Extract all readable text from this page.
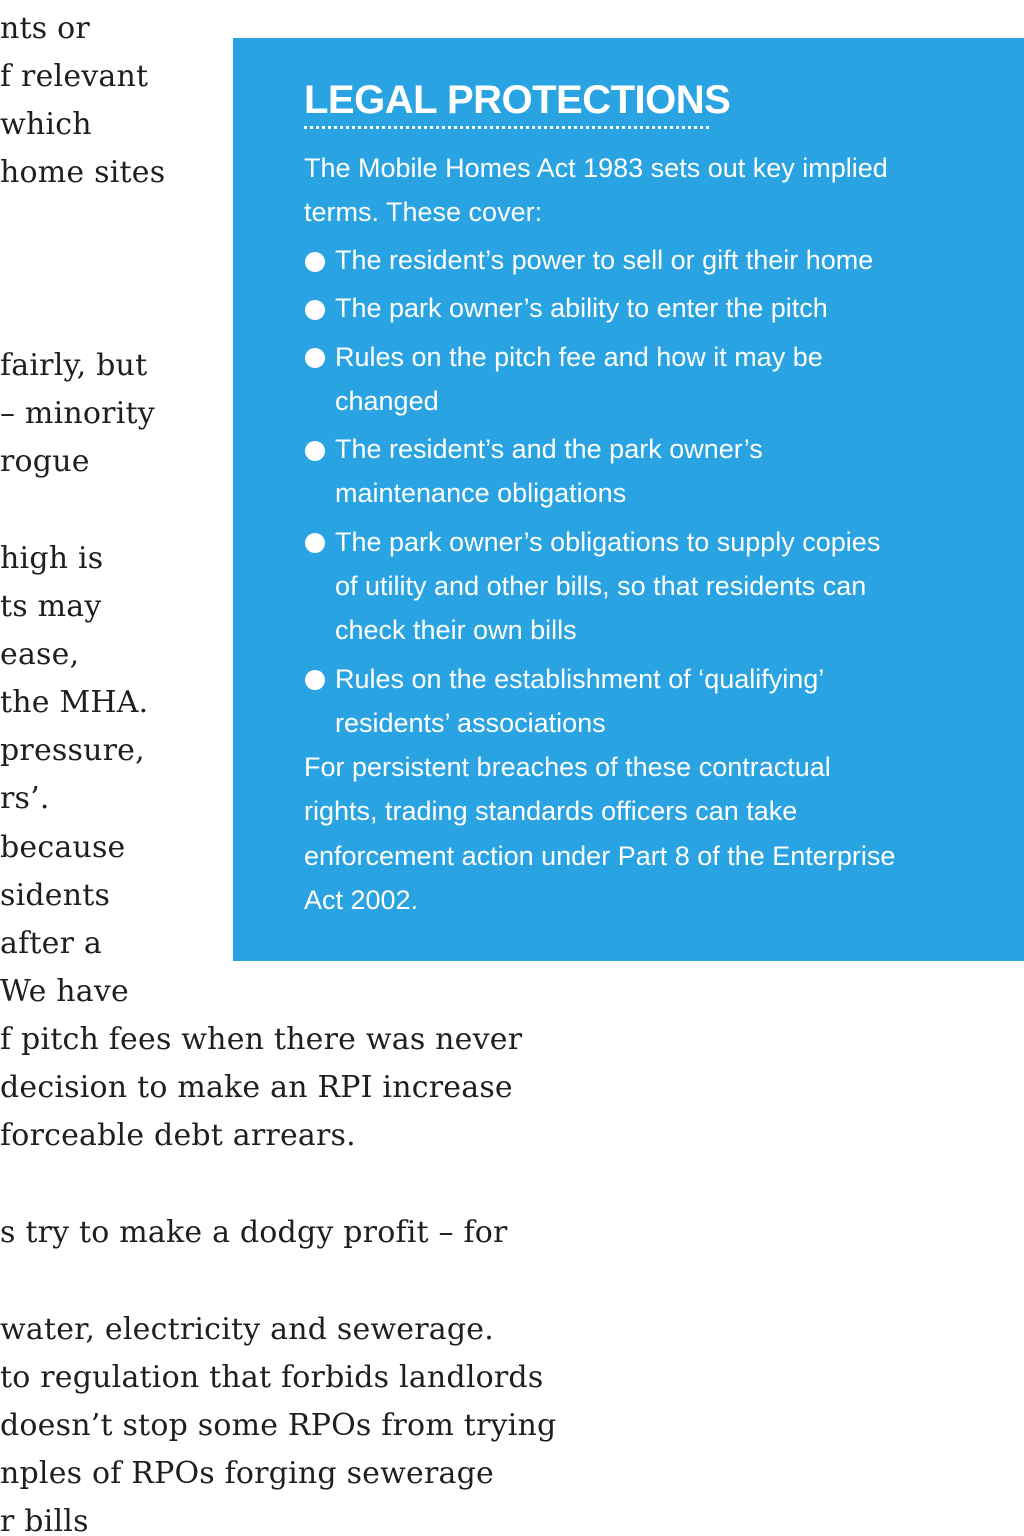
nts or
f relevant
which
home sites
fairly, but
– minority
rogue
high is
ts may
ease,
the MHA.
pressure,
rs’.
because
sidents
after a
We have
f pitch fees when there was never
decision to make an RPI increase
forceable debt arrears.
s try to make a dodgy profit – for
water, electricity and sewerage.
to regulation that forbids landlords
doesn’t stop some RPOs from trying
nples of RPOs forging sewerage
r bills
LEGAL PROTECTIONS
The Mobile Homes Act 1983 sets out key implied
terms. These cover:
The resident’s power to sell or gift their home
The park owner’s ability to enter the pitch
Rules on the pitch fee and how it may be
changed
The resident’s and the park owner’s
maintenance obligations
The park owner’s obligations to supply copies
of utility and other bills, so that residents can
check their own bills
Rules on the establishment of ‘qualifying’
residents’ associations
For persistent breaches of these contractual
rights, trading standards officers can take
enforcement action under Part 8 of the Enterprise
Act 2002.
